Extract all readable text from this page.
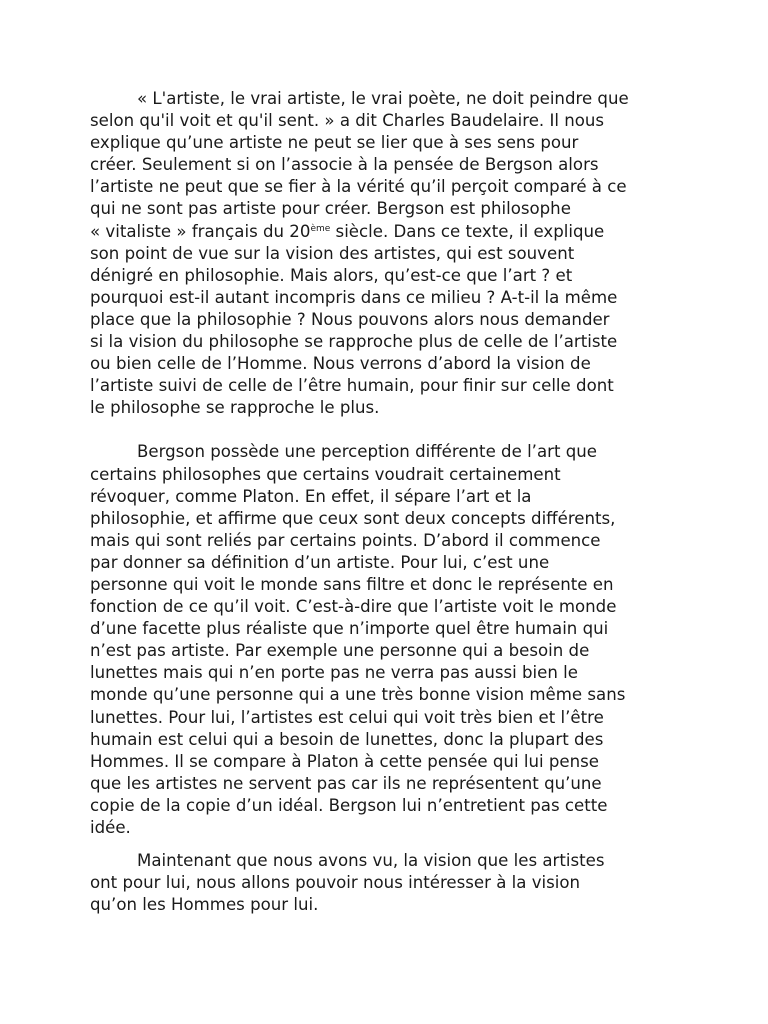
« L'artiste, le vrai artiste, le vrai poète, ne doit peindre que
selon qu'il voit et qu'il sent. » a dit Charles Baudelaire. Il nous
explique qu’une artiste ne peut se lier que à ses sens pour
créer. Seulement si on l’associe à la pensée de Bergson alors
l’artiste ne peut que se fier à la vérité qu’il perçoit comparé à ce
qui ne sont pas artiste pour créer. Bergson est philosophe
« vitaliste » français du 20ème siècle. Dans ce texte, il explique
son point de vue sur la vision des artistes, qui est souvent
dénigré en philosophie. Mais alors, qu’est-ce que l’art ? et
pourquoi est-il autant incompris dans ce milieu ? A-t-il la même
place que la philosophie ? Nous pouvons alors nous demander
si la vision du philosophe se rapproche plus de celle de l’artiste
ou bien celle de l’Homme. Nous verrons d’abord la vision de
l’artiste suivi de celle de l’être humain, pour finir sur celle dont
le philosophe se rapproche le plus.

Bergson possède une perception différente de l’art que
certains philosophes que certains voudrait certainement
révoquer, comme Platon. En effet, il sépare l’art et la
philosophie, et affirme que ceux sont deux concepts différents,
mais qui sont reliés par certains points. D’abord il commence
par donner sa définition d’un artiste. Pour lui, c’est une
personne qui voit le monde sans filtre et donc le représente en
fonction de ce qu’il voit. C’est-à-dire que l’artiste voit le monde
d’une facette plus réaliste que n’importe quel être humain qui
n’est pas artiste. Par exemple une personne qui a besoin de
lunettes mais qui n’en porte pas ne verra pas aussi bien le
monde qu’une personne qui a une très bonne vision même sans
lunettes. Pour lui, l’artistes est celui qui voit très bien et l’être
humain est celui qui a besoin de lunettes, donc la plupart des
Hommes. Il se compare à Platon à cette pensée qui lui pense
que les artistes ne servent pas car ils ne représentent qu’une
copie de la copie d’un idéal. Bergson lui n’entretient pas cette
idée.

Maintenant que nous avons vu, la vision que les artistes
ont pour lui, nous allons pouvoir nous intéresser à la vision
qu’on les Hommes pour lui.
